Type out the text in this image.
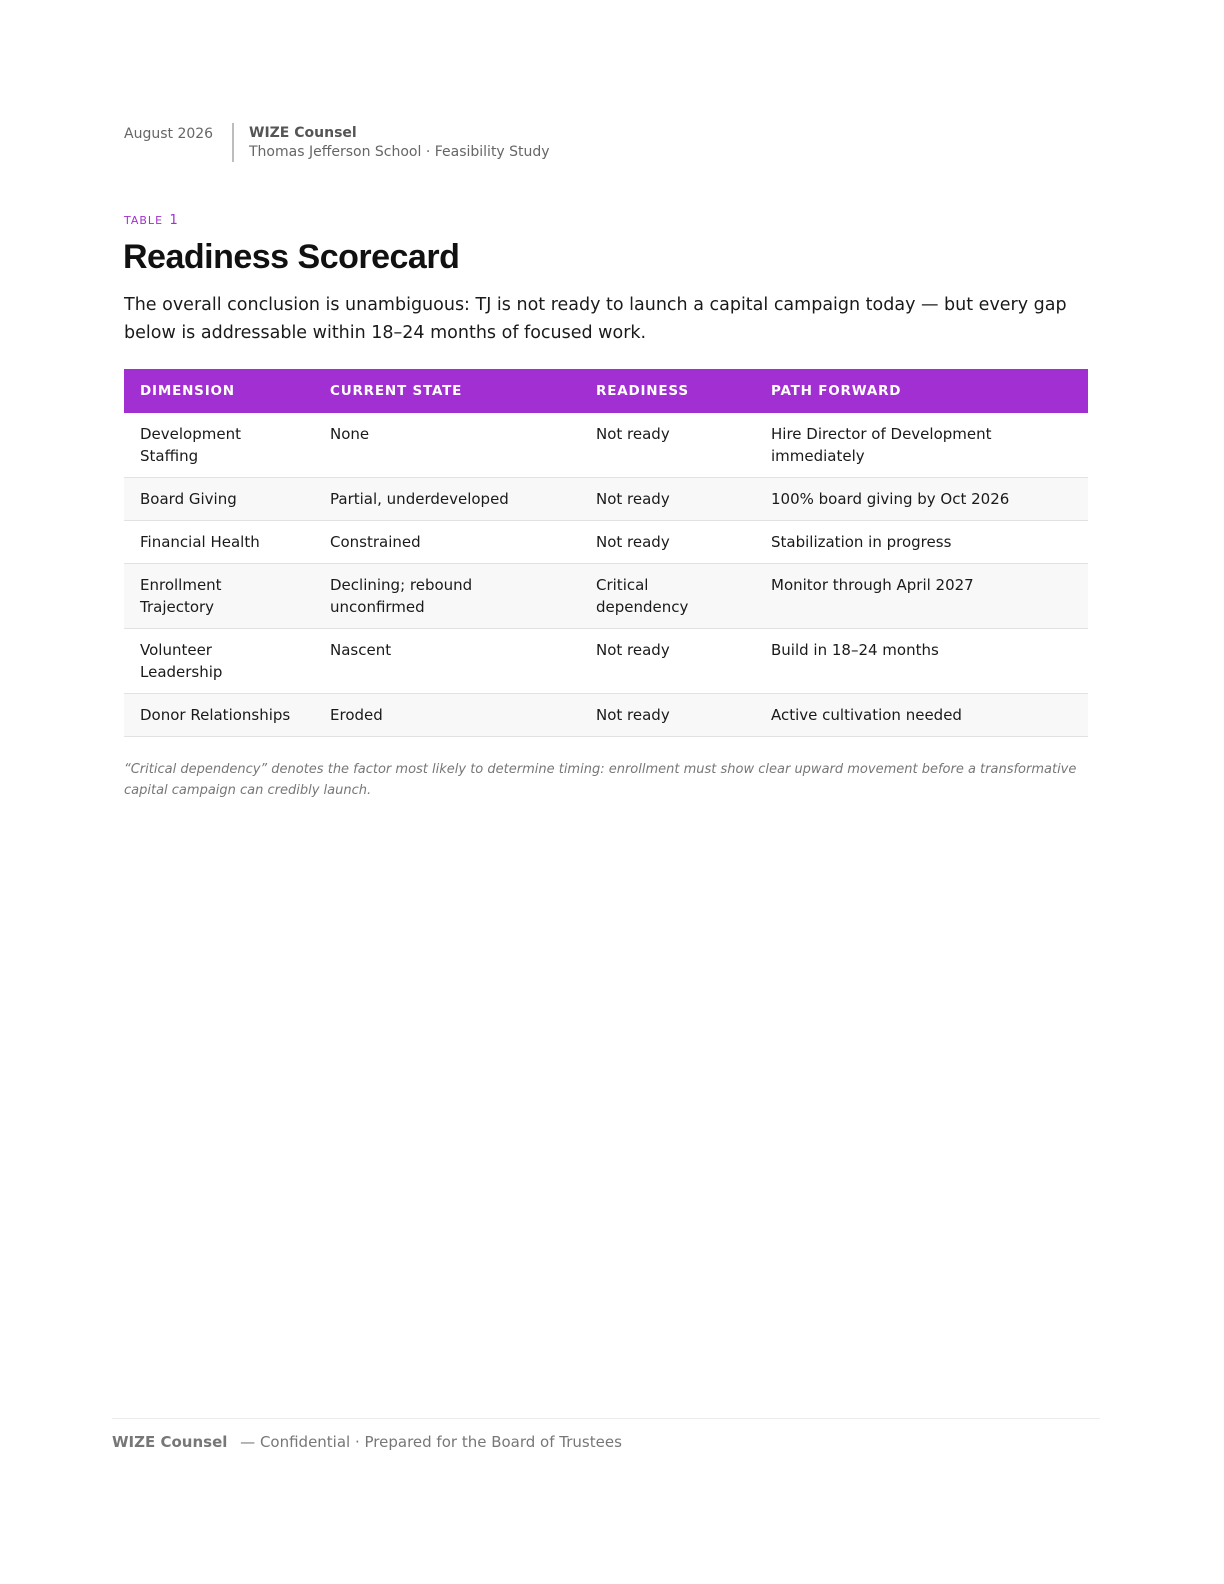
August 2026	WIZE Counsel
Thomas Jefferson School · Feasibility Study
TABLE 1
Readiness Scorecard

The overall conclusion is unambiguous: TJ is not ready to launch a capital campaign today — but every gap below is addressable within 18–24 months of focused work.

DIMENSION	CURRENT STATE	READINESS	PATH FORWARD
Development Staffing	None	Not ready	Hire Director of Development immediately
Board Giving	Partial, underdeveloped	Not ready	100% board giving by Oct 2026
Financial Health	Constrained	Not ready	Stabilization in progress
Enrollment Trajectory	Declining; rebound unconfirmed	Critical dependency	Monitor through April 2027
Volunteer Leadership	Nascent	Not ready	Build in 18–24 months
Donor Relationships	Eroded	Not ready	Active cultivation needed

“Critical dependency” denotes the factor most likely to determine timing: enrollment must show clear upward movement before a transformative capital campaign can credibly launch.

WIZE Counsel — Confidential · Prepared for the Board of Trustees
